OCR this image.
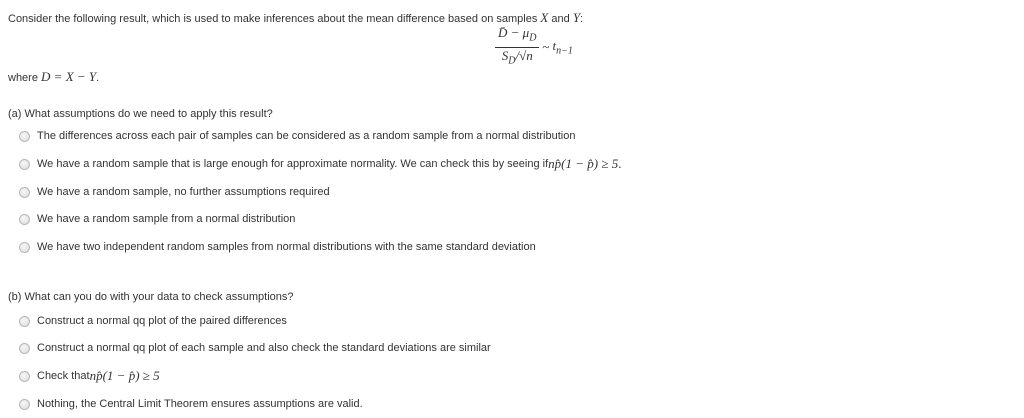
Consider the following result, which is used to make inferences about the mean difference based on samples X and Y:
$\frac{D̄ - \mu_D}{S_D/√n}$ ~ $t_{n-1}$
where D = X − Y.
(a) What assumptions do we need to apply this result?
The differences across each pair of samples can be considered as a random sample from a normal distribution
We have a random sample that is large enough for approximate normality. We can check this by seeing if np̂(1 − p̂) ≥ 5 .
We have a random sample, no further assumptions required
We have a random sample from a normal distribution
We have two independent random samples from normal distributions with the same standard deviation
(b) What can you do with your data to check assumptions?
Construct a normal qq plot of the paired differences
Construct a normal qq plot of each sample and also check the standard deviations are similar
Check that np̂(1 − p̂) ≥ 5
Nothing, the Central Limit Theorem ensures assumptions are valid.
